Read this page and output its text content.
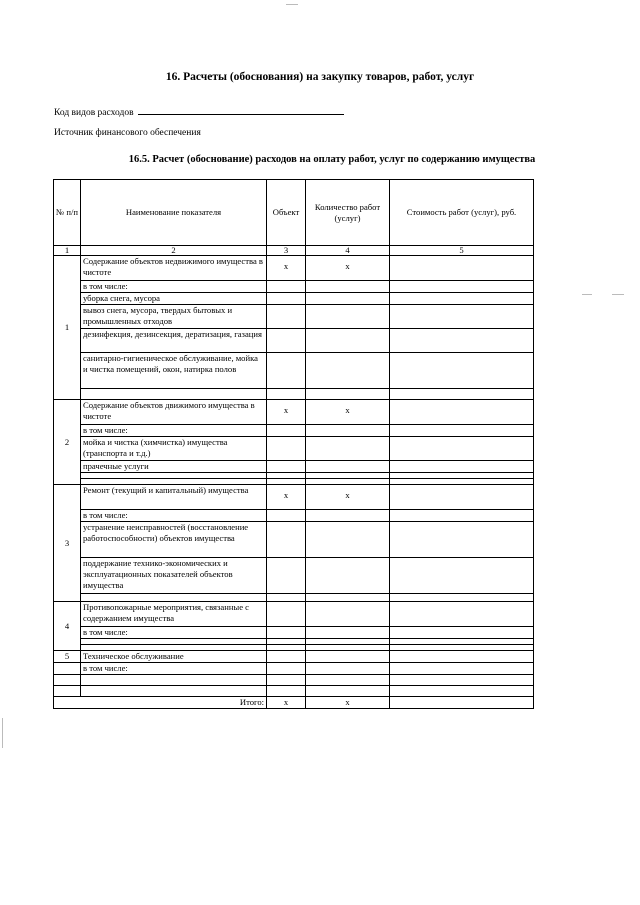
16. Расчеты (обоснования) на закупку товаров, работ, услуг
Код видов расходов
Источник финансового обеспечения
16.5. Расчет (обоснование) расходов на оплату работ, услуг по содержанию имущества
№ п/п	Наименование показателя	Объект	Количество работ (услуг)	Стоимость работ (услуг), руб.
1	2	3	4	5
1	Содержание объектов недвижимого имущества в чистоте	х	х	
	в том числе:			
	уборка снега, мусора			
	вывоз снега, мусора, твердых бытовых и промышленных отходов			
	дезинфекция, дезинсекция, дератизация, газация			
	санитарно-гигиеническое обслуживание, мойка и чистка помещений, окон, натирка полов			

2	Содержание объектов движимого имущества в чистоте	х	х	
	в том числе:			
	мойка и чистка (химчистка) имущества (транспорта и т.д.)			
	прачечные услуги			

3	Ремонт (текущий и капитальный) имущества	х	х	
	в том числе:			
	устранение неисправностей (восстановление работоспособности) объектов имущества			
	поддержание технико-экономических и эксплуатационных показателей объектов имущества			

4	Противопожарные мероприятия, связанные с содержанием имущества			
	в том числе:			

5	Техническое обслуживание			
	в том числе:			

Итого:		х	х	
